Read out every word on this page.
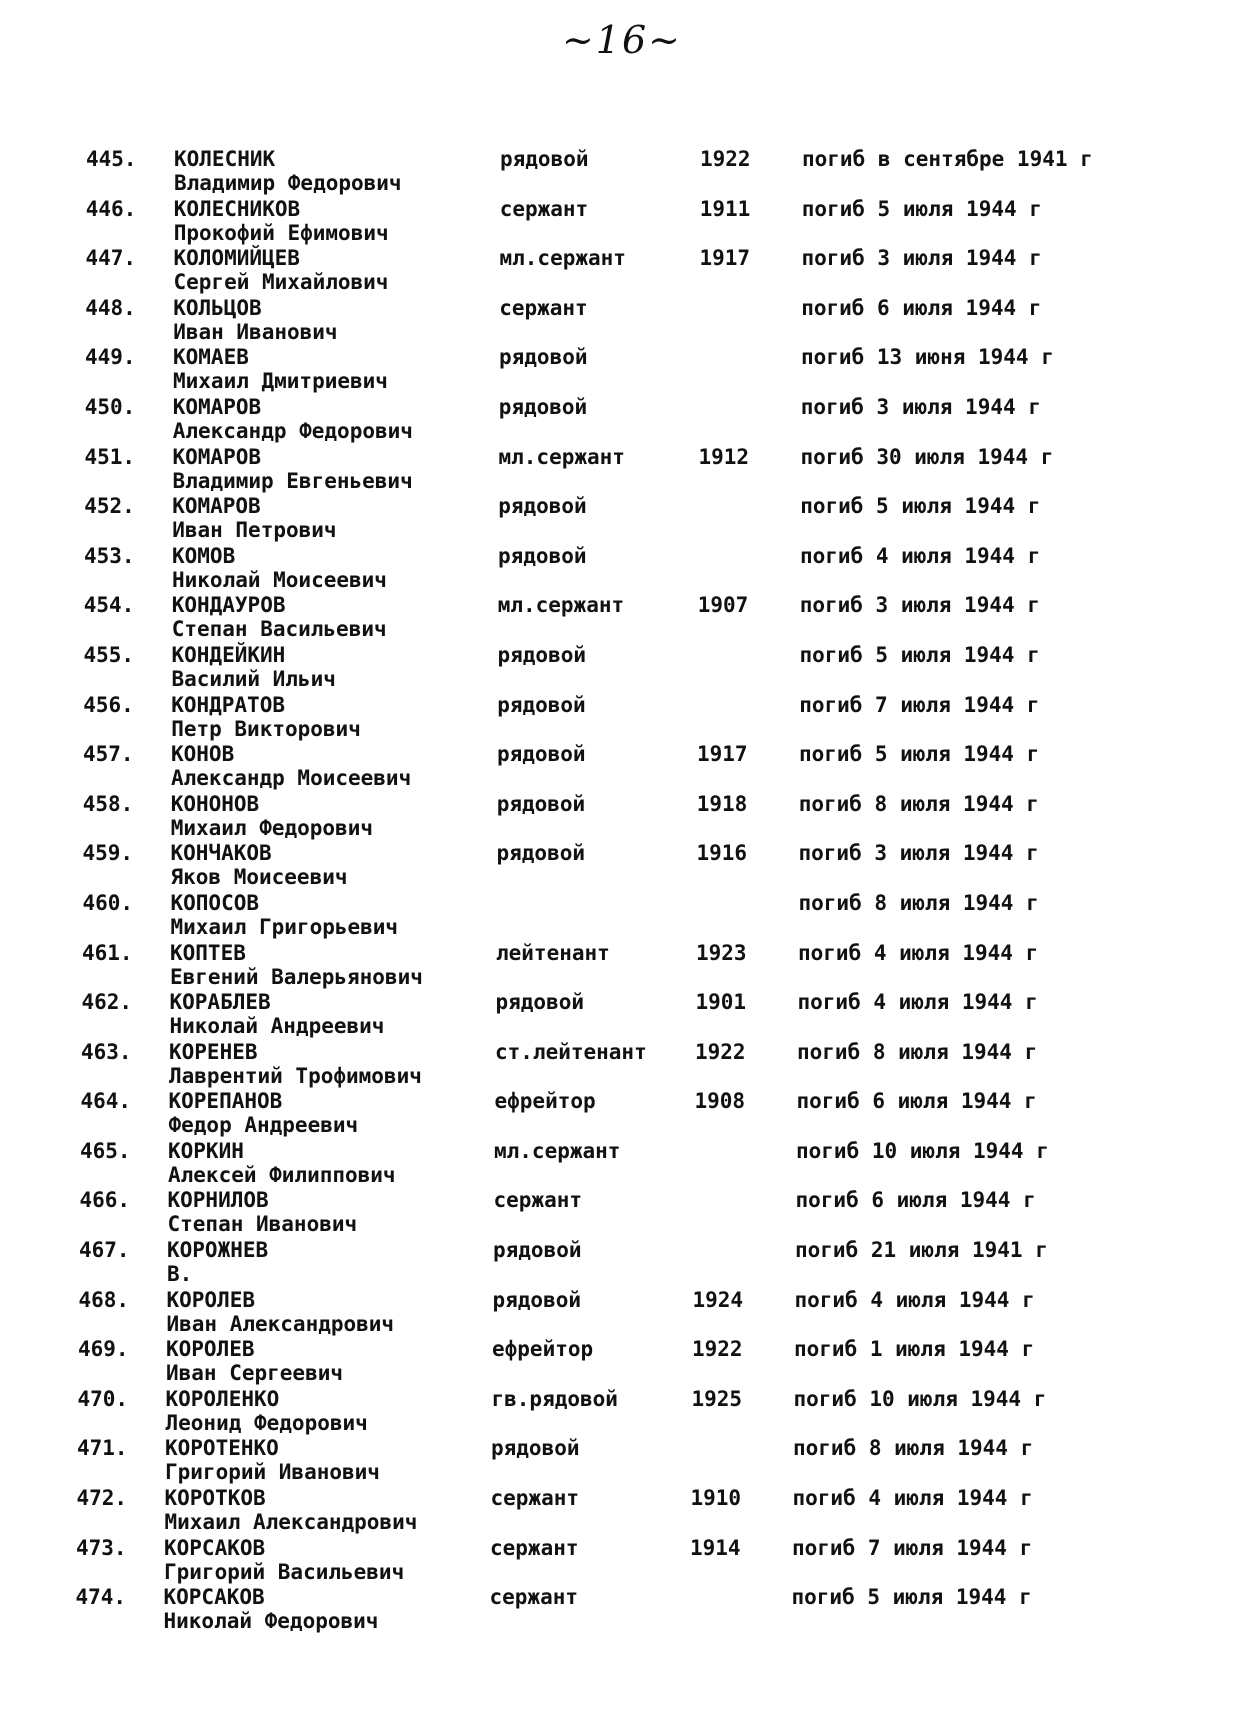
~16~
445. КОЛЕСНИК
Владимир Федорович
рядовой	1922 погиб в сентябре 1941 г
446. КОЛЕСНИКОВ
Прокофий Ефимович
сержант	1911 погиб 5 июля 1944 г
447. КОЛОМИЙЦЕВ
Сергей Михайлович
мл.сержант	1917 погиб 3 июля 1944 г
448. КОЛЬЦОВ
Иван Иванович
сержант	погиб 6 июля 1944 г
449. КОМАЕВ
Михаил Дмитриевич
рядовой	погиб 13 июня 1944 г
450. КОМАРОВ
Александр Федорович
рядовой	погиб 3 июля 1944 г
451. КОМАРОВ
Владимир Евгеньевич
мл.сержант	1912 погиб 30 июля 1944 г
452. КОМАРОВ
Иван Петрович
рядовой	погиб 5 июля 1944 г
453. КОМОВ
Николай Моисеевич
рядовой	погиб 4 июля 1944 г
454. КОНДАУРОВ
Степан Васильевич
мл.сержант	1907 погиб 3 июля 1944 г
455. КОНДЕЙКИН
Василий Ильич
рядовой	погиб 5 июля 1944 г
456. КОНДРАТОВ
Петр Викторович
рядовой	погиб 7 июля 1944 г
457. КОНОВ
Александр Моисеевич
рядовой	1917 погиб 5 июля 1944 г
458. КОНОНОВ
Михаил Федорович
рядовой	1918 погиб 8 июля 1944 г
459. КОНЧАКОВ
Яков Моисеевич
рядовой	1916 погиб 3 июля 1944 г
460. КОПОСОВ
Михаил Григорьевич
погиб 8 июля 1944 г
461. КОПТЕВ
Евгений Валерьянович
лейтенант	1923 погиб 4 июля 1944 г
462. КОРАБЛЕВ
Николай Андреевич
рядовой	1901 погиб 4 июля 1944 г
463. КОРЕНЕВ
Лаврентий Трофимович
ст.лейтенант 1922 погиб 8 июля 1944 г
464. КОРЕПАНОВ
Федор Андреевич
ефрейтор	1908 погиб 6 июля 1944 г
465. КОРКИН
Алексей Филиппович
мл.сержант	погиб 10 июля 1944 г
466. КОРНИЛОВ
Степан Иванович
сержант	погиб 6 июля 1944 г
467. КОРОЖНЕВ
В.
рядовой	погиб 21 июля 1941 г
468. КОРОЛЕВ
Иван Александрович
рядовой	1924 погиб 4 июля 1944 г
469. КОРОЛЕВ
Иван Сергеевич
ефрейтор	1922 погиб 1 июля 1944 г
470. КОРОЛЕНКО
Леонид Федорович
гв.рядовой	1925 погиб 10 июля 1944 г
471. КОРОТЕНКО
Григорий Иванович
рядовой	погиб 8 июля 1944 г
472. КОРОТКОВ
Михаил Александрович
сержант	1910 погиб 4 июля 1944 г
473. КОРСАКОВ
Григорий Васильевич
сержант	1914 погиб 7 июля 1944 г
474. КОРСАКОВ
Николай Федорович
сержант	погиб 5 июля 1944 г
